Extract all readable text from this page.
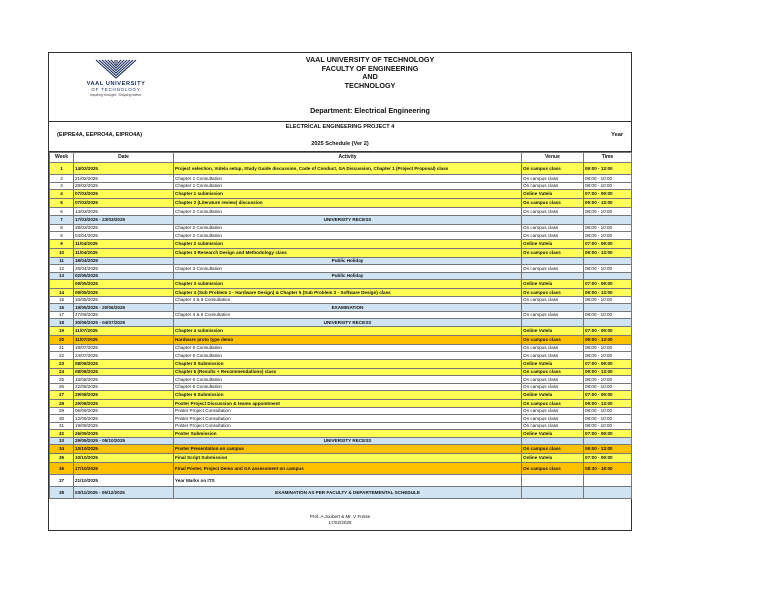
VAAL UNIVERSITY
OF TECHNOLOGY
Inspiring thought. Shaping talent.
VAAL UNIVERSITY OF TECHNOLOGY
FACULTY OF ENGINEERING
AND
TECHNOLOGY
Department: Electrical Engineering
ELECTRICAL ENGINEERING PROJECT 4
(EIPRE4A, EEPRO4A, EIPRO4A)	Year
2025 Schedule (Ver 2)
Week	Date	Activity	Venue	Time
1	14/02/2025	Project selection, Vutela setup, Study Guide discussion, Code of Conduct, GA Discussion, Chapter 1 (Project Proposal) class	On campus class	09:00 - 13:00
2	21/02/2025	Chapter 1 Consultation	On campus class	08:00 - 10:00
3	28/02/2025	Chapter 1 Consultation	On campus class	08:00 - 10:00
4	07/03/2025	Chapter 1 submission	Online Vutela	07:00 - 09:00
5	07/03/2025	Chapter 2 (Literature review) discussion	On campus class	09:00 - 13:00
6	14/03/2025	Chapter 2 Consultation	On campus class	08:00 - 10:00
7	17/03/2025 - 23/03/2025	UNIVERSITY RECESS		
8	28/03/2025	Chapter 2 Consultation	On campus class	08:00 - 10:00
9	04/04/2025	Chapter 2 Consultation	On campus class	08:00 - 10:00
9	11/04/2025	Chapter 2 submission	Online Vutela	07:00 - 09:00
10	11/04/2025	Chapter 3 Research Design and Methodology class	On campus class	09:00 - 13:00
11	18/04/2025	Public Holiday		
12	25/04/2025	Chapter 3 Consultation	On campus class	08:00 - 10:00
13	02/05/2025	Public Holiday		
	09/05/2025	Chapter 3 submission	Online Vutela	07:00 - 09:00
14	09/05/2025	Chapter 4 (Sub Problem 1 - Hardware Design) & Chapter 5 (Sub Problem 2 - Software Design) class	On campus class	09:00 - 13:00
15	16/05/2025	Chapter 4 & 5 Consultation	On campus class	08:00 - 10:00
16	19/05/2025 - 20/06/2025	EXAMINATION		
17	27/06/2025	Chapter 4 & 5 Consultation	On campus class	08:00 - 10:00
18	30/06/2025 - 04/07/2025	UNIVERSITY RECESS		
19	11/07/2025	Chapter 4 submission	Online Vutela	07:00 - 09:00
20	11/07/2025	Hardware proto type demo	On campus class	09:00 - 13:00
21	18/07/2025	Chapter 5 Consultation	On campus class	08:00 - 10:00
22	24/07/2025	Chapter 5 Consultation	On campus class	08:00 - 10:00
23	08/08/2025	Chapter 5 Submission	Online Vutela	07:00 - 09:00
24	08/08/2025	Chapter 6 (Results + Recommendations) class	On campus class	09:00 - 13:00
25	15/08/2025	Chapter 6 Consultation	On campus class	08:00 - 10:00
26	22/08/2025	Chapter 6 Consultation	On campus class	08:00 - 10:00
27	29/08/2025	Chapter 6 Submission	Online Vutela	07:00 - 09:00
28	29/08/2025	Poster Project Discussion & teams appointment	On campus class	09:00 - 13:00
29	05/09/2025	Poster Project Consultation	On campus class	08:00 - 10:00
30	12/09/2025	Poster Project Consultation	On campus class	08:00 - 10:00
31	19/09/2025	Poster Project Consultation	On campus class	08:00 - 10:00
32	26/09/2025	Poster Submission	Online Vutela	07:00 - 09:00
33	29/09/2025 - 05/10/2025	UNIVERSITY RECESS		
34	10/10/2025	Poster Presentation on campus	On campus class	09:00 - 13:00
35	10/10/2025	Final Script Submission	Online Vutela	07:00 - 09:00
36	17/10/2025	Final Poster, Project Demo and GA assessment on campus	On campus class	08:30 - 18:00
37	21/10/2025	Year Marks on ITS		
38	03/11/2025 - 05/12/2025	EXAMINATION AS PER FACULTY & DEPARTEMENTAL SCHEDULE		
Prof. A Joubert & Mr. V Freise
17/02/2025
